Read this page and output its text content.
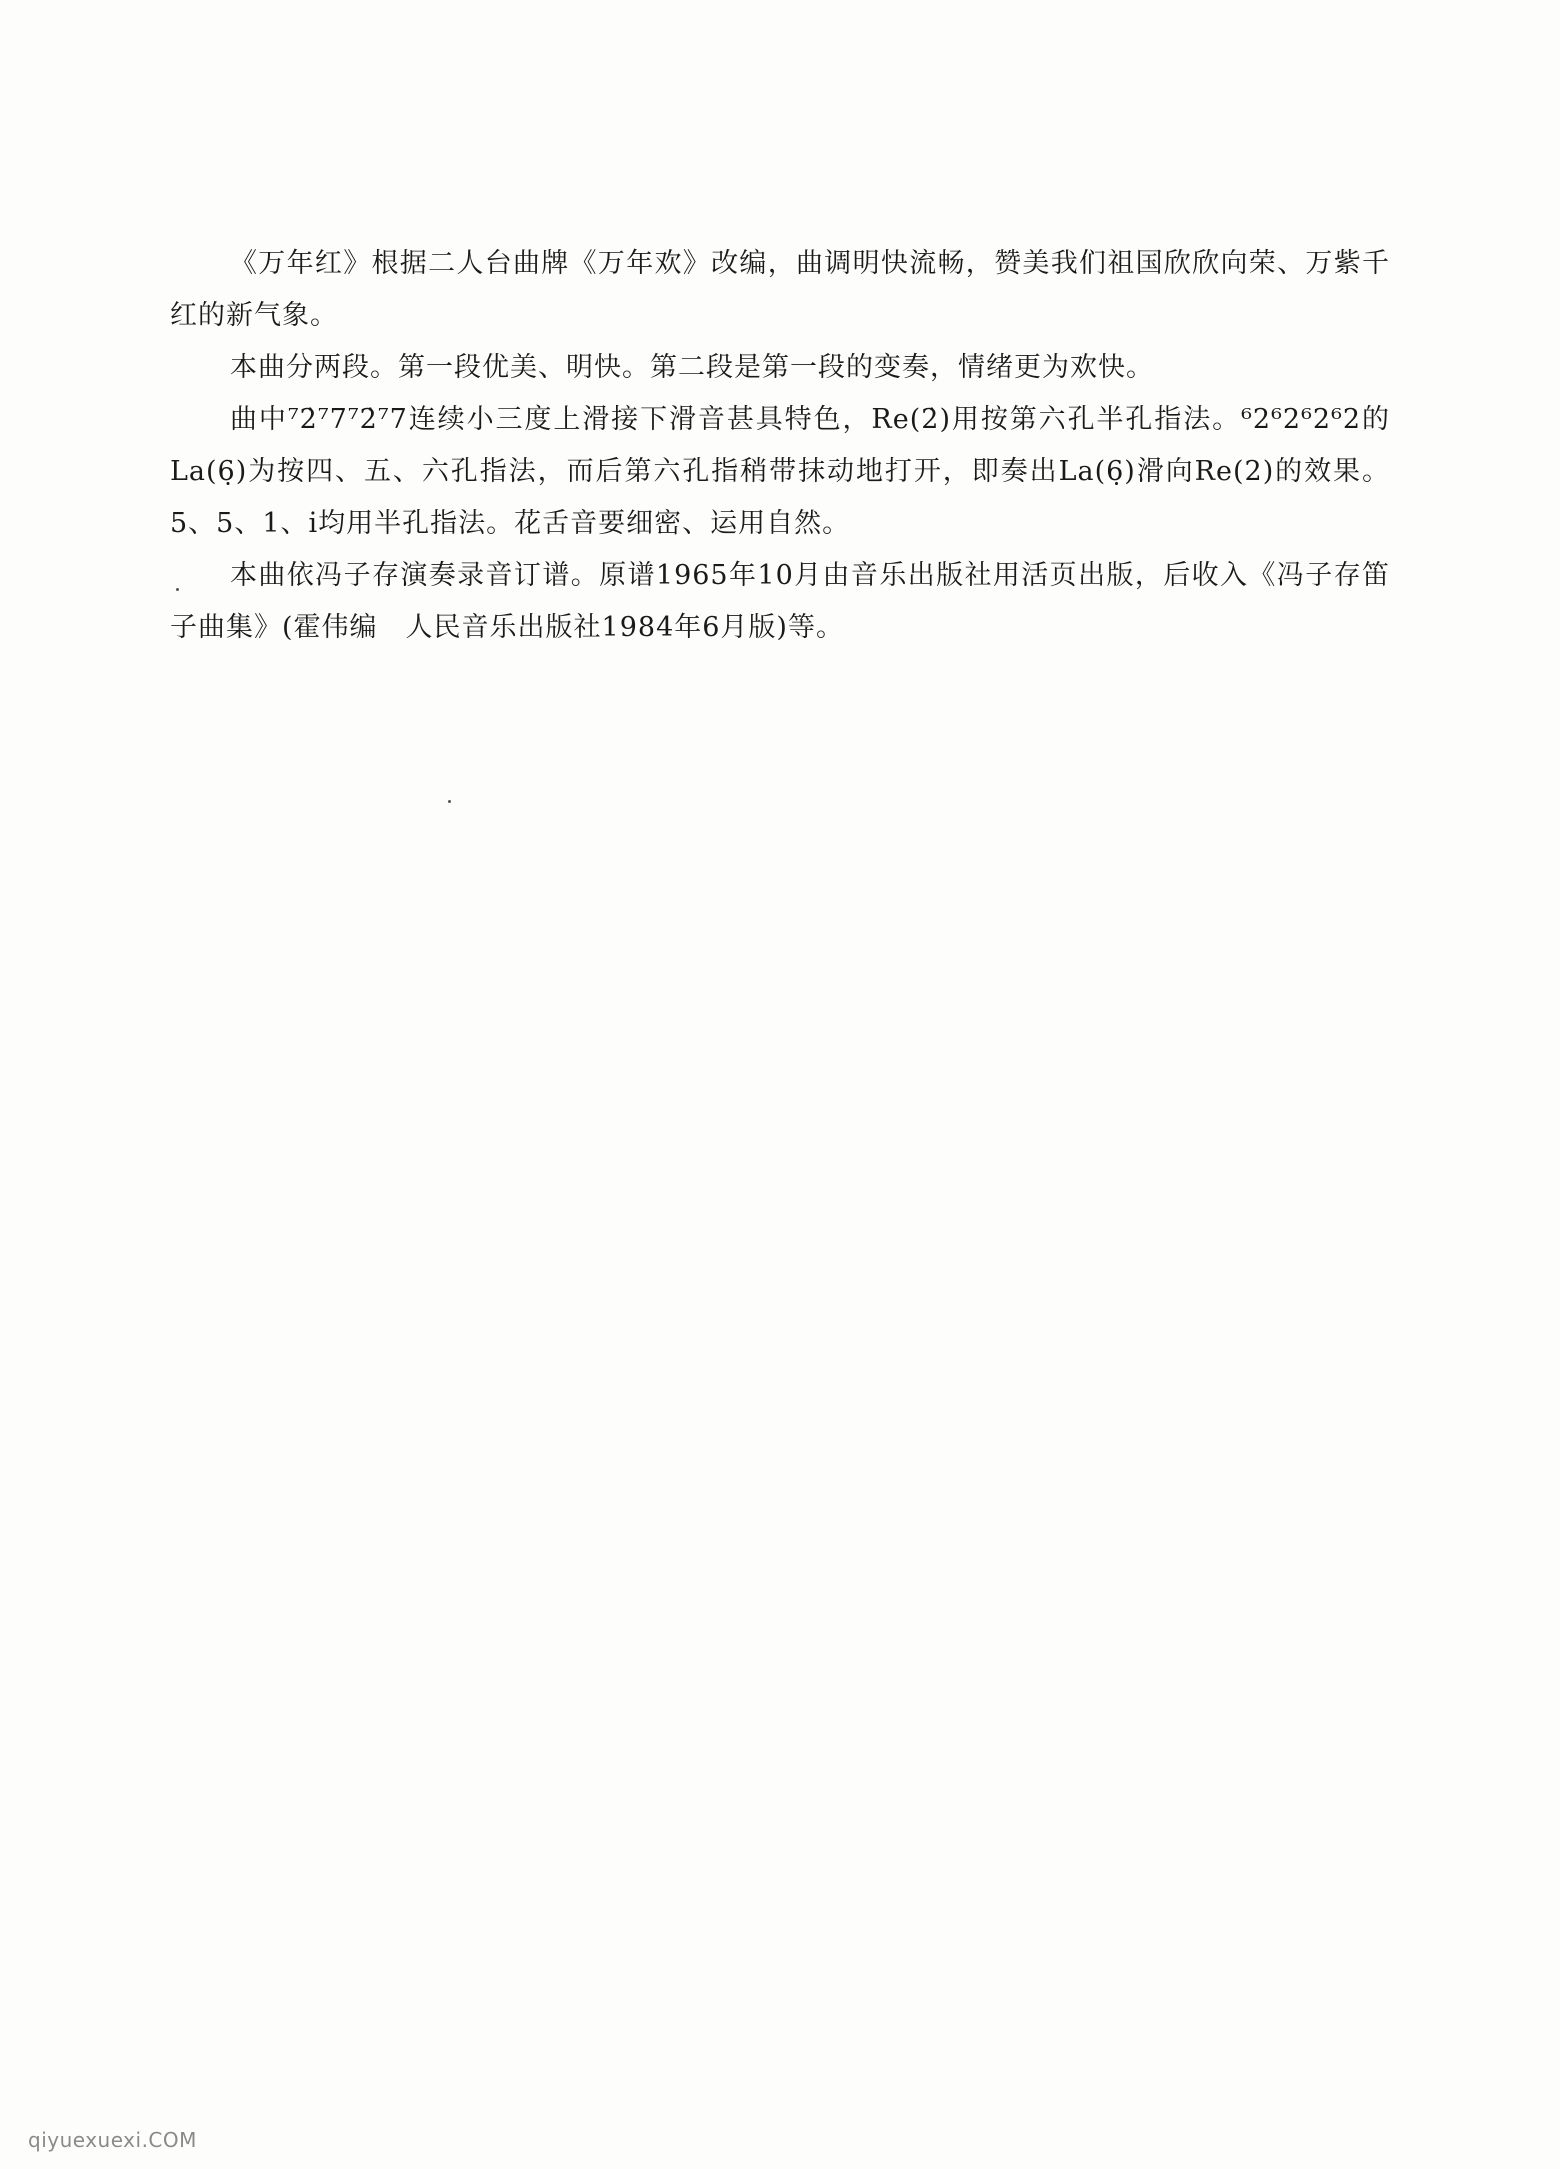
《万年红》根据二人台曲牌《万年欢》改编，曲调明快流畅，赞美我们祖国欣欣向荣、万紫千红的新气象。

本曲分两段。第一段优美、明快。第二段是第一段的变奏，情绪更为欢快。

曲中⁷2̇⁷7⁷2̇⁷7连续小三度上滑接下滑音甚具特色，Re(2̇)用按第六孔半孔指法。⁶2⁶2⁶2⁶2的La(6̣)为按四、五、六孔指法，而后第六孔指稍带抹动地打开，即奏出La(6̣)滑向Re(2)的效果。5、5、1、i̇均用半孔指法。花舌音要细密、运用自然。

本曲依冯子存演奏录音订谱。原谱1965年10月由音乐出版社用活页出版，后收入《冯子存笛子曲集》(霍伟编　人民音乐出版社1984年6月版)等。

qiyuexuexi.COM
